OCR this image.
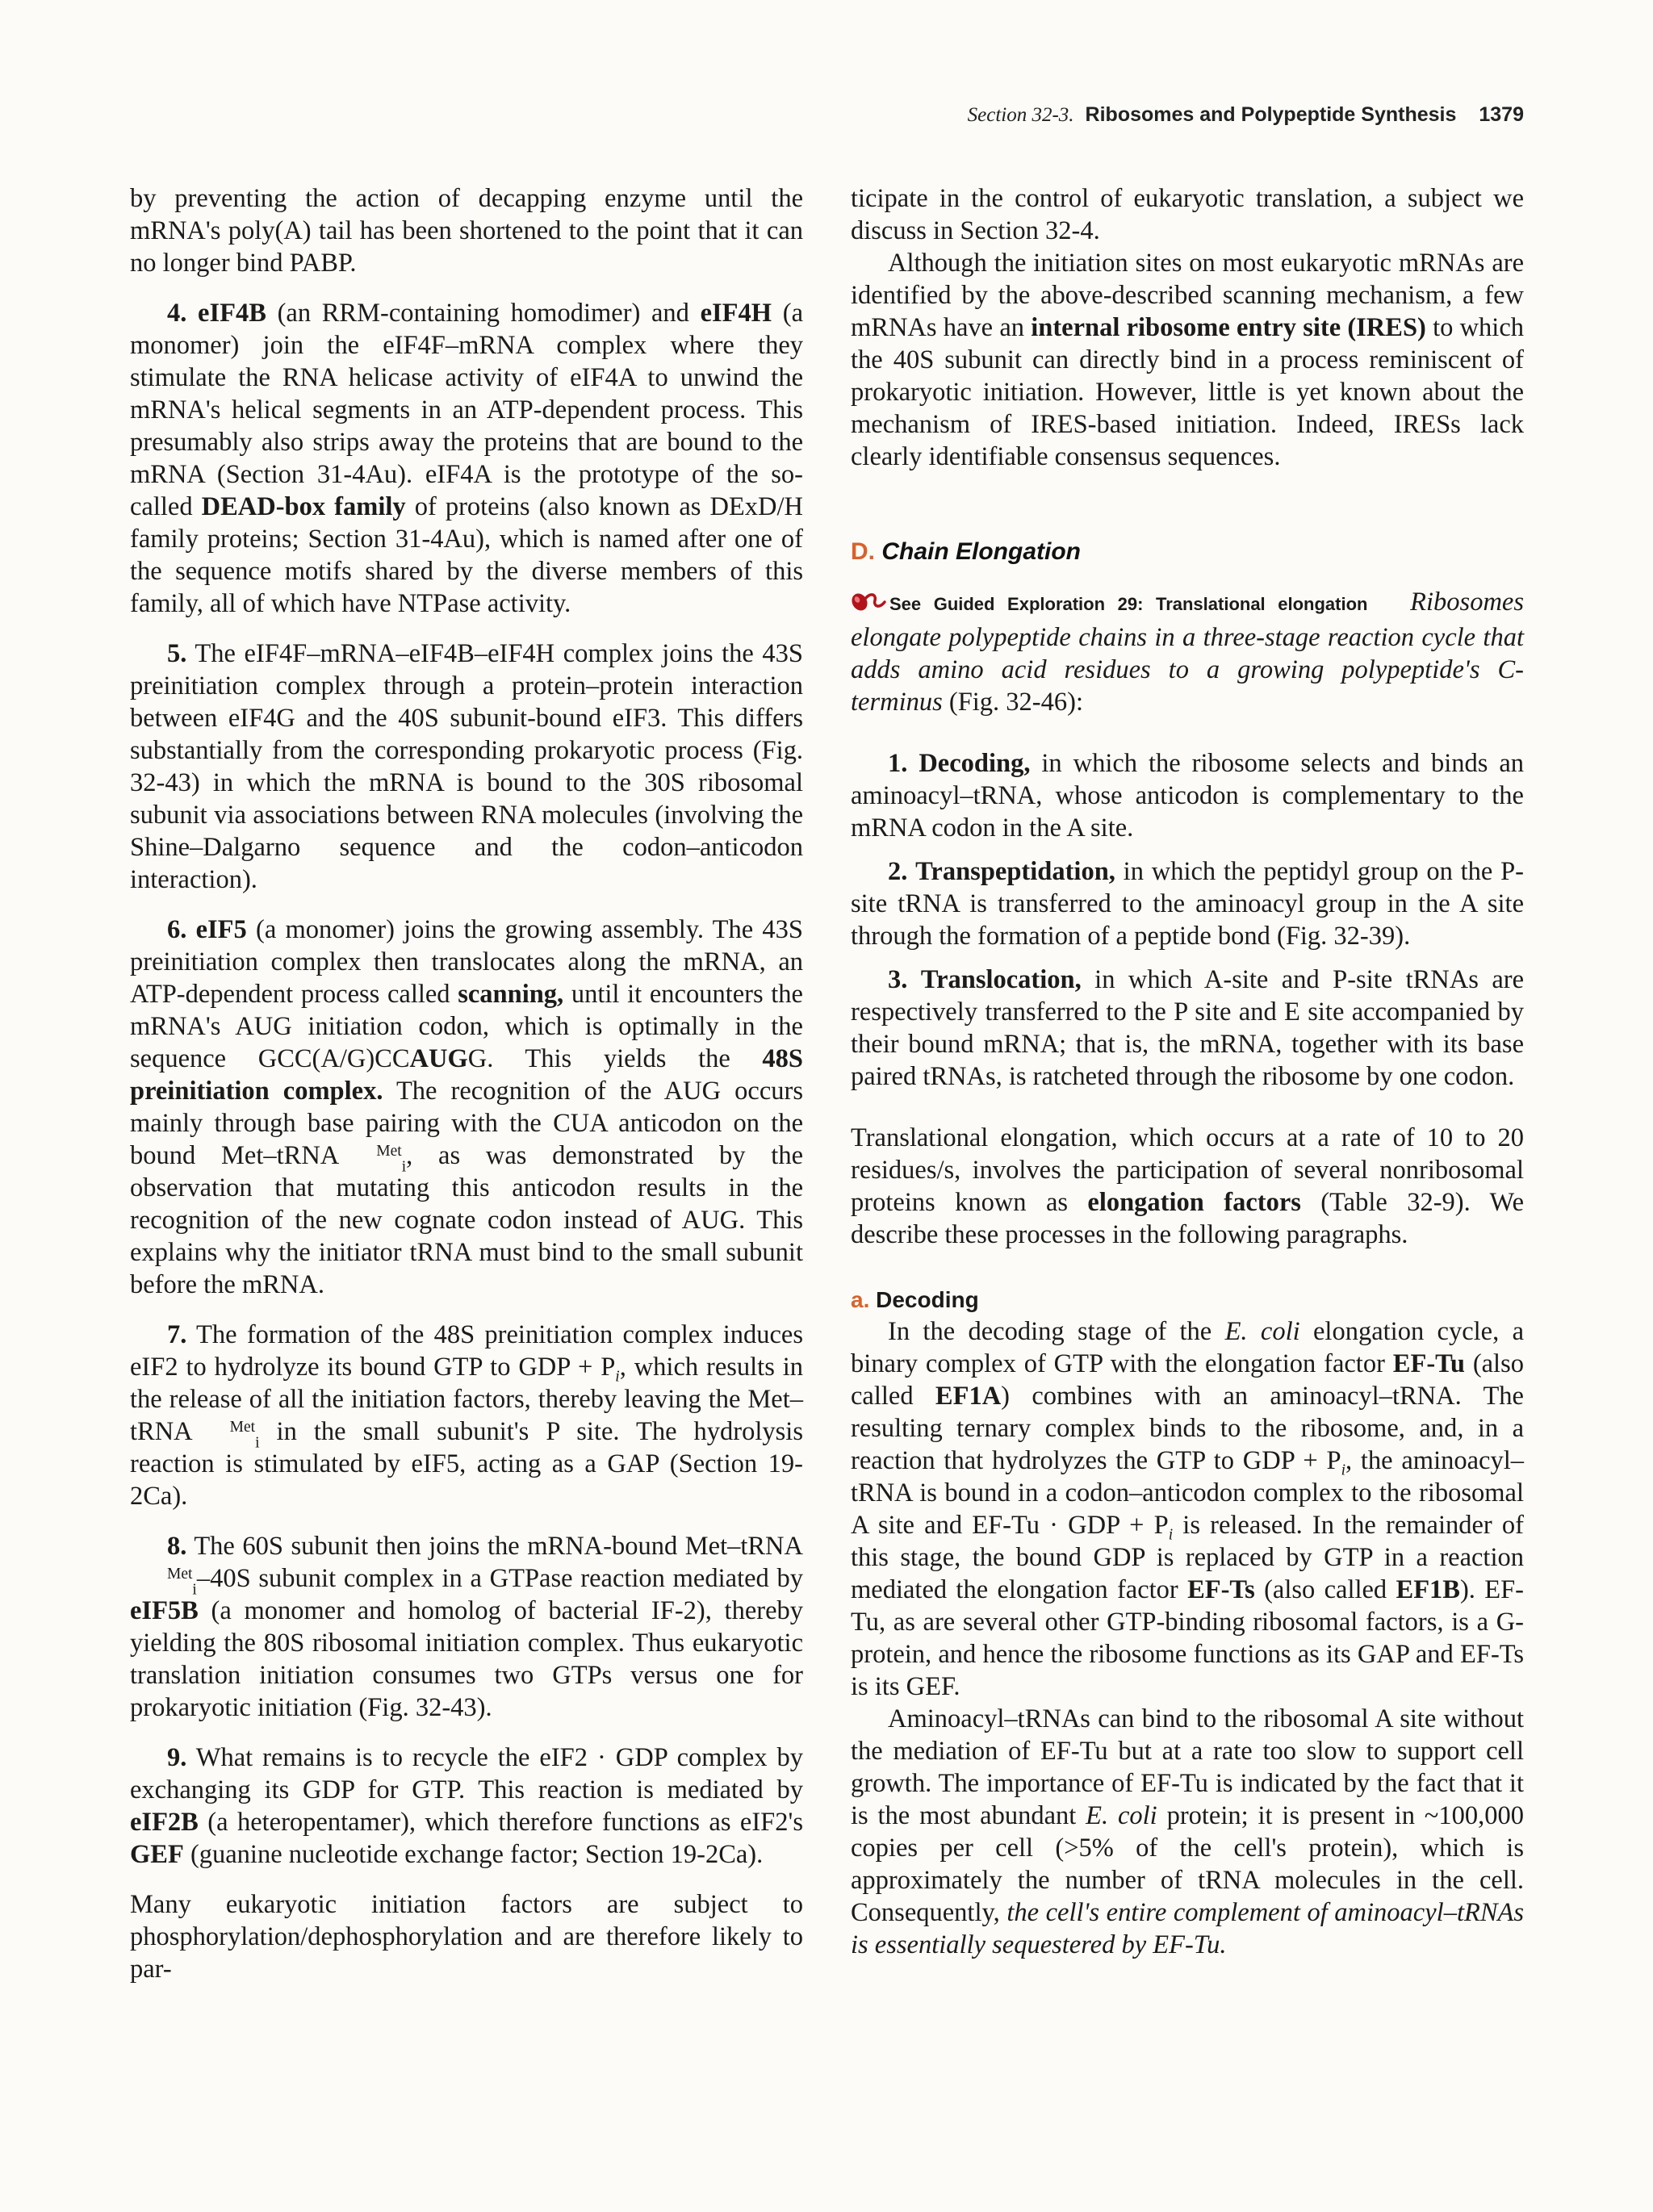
Section 32-3. Ribosomes and Polypeptide Synthesis 1379

by preventing the action of decapping enzyme until the mRNA's poly(A) tail has been shortened to the point that it can no longer bind PABP.

4. eIF4B (an RRM-containing homodimer) and eIF4H (a monomer) join the eIF4F–mRNA complex where they stimulate the RNA helicase activity of eIF4A to unwind the mRNA's helical segments in an ATP-dependent process. This presumably also strips away the proteins that are bound to the mRNA (Section 31-4Au). eIF4A is the prototype of the so-called DEAD-box family of proteins (also known as DExD/H family proteins; Section 31-4Au), which is named after one of the sequence motifs shared by the diverse members of this family, all of which have NTPase activity.

5. The eIF4F–mRNA–eIF4B–eIF4H complex joins the 43S preinitiation complex through a protein–protein interaction between eIF4G and the 40S subunit-bound eIF3. This differs substantially from the corresponding prokaryotic process (Fig. 32-43) in which the mRNA is bound to the 30S ribosomal subunit via associations between RNA molecules (involving the Shine–Dalgarno sequence and the codon–anticodon interaction).

6. eIF5 (a monomer) joins the growing assembly. The 43S preinitiation complex then translocates along the mRNA, an ATP-dependent process called scanning, until it encounters the mRNA's AUG initiation codon, which is optimally in the sequence GCC(A/G)CCAUGG. This yields the 48S preinitiation complex. The recognition of the AUG occurs mainly through base pairing with the CUA anticodon on the bound Met–tRNA $^{Met}_i$, as was demonstrated by the observation that mutating this anticodon results in the recognition of the new cognate codon instead of AUG. This explains why the initiator tRNA must bind to the small subunit before the mRNA.

7. The formation of the 48S preinitiation complex induces eIF2 to hydrolyze its bound GTP to GDP + $P_i$, which results in the release of all the initiation factors, thereby leaving the Met–tRNA $^{Met}_i$ in the small subunit's P site. The hydrolysis reaction is stimulated by eIF5, acting as a GAP (Section 19-2Ca).

8. The 60S subunit then joins the mRNA-bound Met–tRNA$^{Met}_i$–40S subunit complex in a GTPase reaction mediated by eIF5B (a monomer and homolog of bacterial IF-2), thereby yielding the 80S ribosomal initiation complex. Thus eukaryotic translation initiation consumes two GTPs versus one for prokaryotic initiation (Fig. 32-43).

9. What remains is to recycle the eIF2 · GDP complex by exchanging its GDP for GTP. This reaction is mediated by eIF2B (a heteropentamer), which therefore functions as eIF2's GEF (guanine nucleotide exchange factor; Section 19-2Ca).

Many eukaryotic initiation factors are subject to phosphorylation/dephosphorylation and are therefore likely to par-

ticipate in the control of eukaryotic translation, a subject we discuss in Section 32-4.

Although the initiation sites on most eukaryotic mRNAs are identified by the above-described scanning mechanism, a few mRNAs have an internal ribosome entry site (IRES) to which the 40S subunit can directly bind in a process reminiscent of prokaryotic initiation. However, little is yet known about the mechanism of IRES-based initiation. Indeed, IRESs lack clearly identifiable consensus sequences.

D. Chain Elongation

See Guided Exploration 29: Translational elongation Ribosomes elongate polypeptide chains in a three-stage reaction cycle that adds amino acid residues to a growing polypeptide's C-terminus (Fig. 32-46):

1. Decoding, in which the ribosome selects and binds an aminoacyl–tRNA, whose anticodon is complementary to the mRNA codon in the A site.

2. Transpeptidation, in which the peptidyl group on the P-site tRNA is transferred to the aminoacyl group in the A site through the formation of a peptide bond (Fig. 32-39).

3. Translocation, in which A-site and P-site tRNAs are respectively transferred to the P site and E site accompanied by their bound mRNA; that is, the mRNA, together with its base paired tRNAs, is ratcheted through the ribosome by one codon.

Translational elongation, which occurs at a rate of 10 to 20 residues/s, involves the participation of several nonribosomal proteins known as elongation factors (Table 32-9). We describe these processes in the following paragraphs.

a. Decoding

In the decoding stage of the E. coli elongation cycle, a binary complex of GTP with the elongation factor EF-Tu (also called EF1A) combines with an aminoacyl–tRNA. The resulting ternary complex binds to the ribosome, and, in a reaction that hydrolyzes the GTP to GDP + $P_i$, the aminoacyl–tRNA is bound in a codon–anticodon complex to the ribosomal A site and EF-Tu · GDP + $P_i$ is released. In the remainder of this stage, the bound GDP is replaced by GTP in a reaction mediated the elongation factor EF-Ts (also called EF1B). EF-Tu, as are several other GTP-binding ribosomal factors, is a G-protein, and hence the ribosome functions as its GAP and EF-Ts is its GEF.

Aminoacyl–tRNAs can bind to the ribosomal A site without the mediation of EF-Tu but at a rate too slow to support cell growth. The importance of EF-Tu is indicated by the fact that it is the most abundant E. coli protein; it is present in ~100,000 copies per cell (>5% of the cell's protein), which is approximately the number of tRNA molecules in the cell. Consequently, the cell's entire complement of aminoacyl–tRNAs is essentially sequestered by EF-Tu.
